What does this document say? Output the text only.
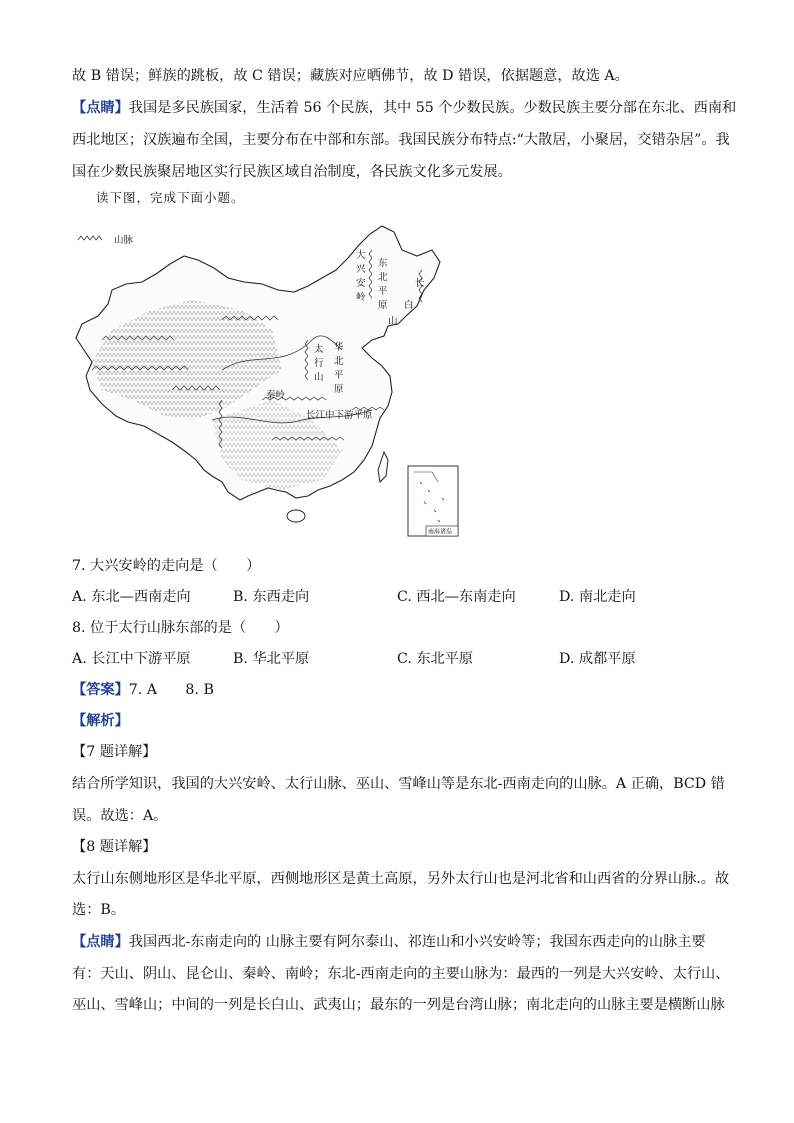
故 B 错误；鲜族的跳板，故 C 错误；藏族对应晒佛节，故 D 错误，依据题意，故选 A。
【点睛】我国是多民族国家，生活着 56 个民族，其中 55 个少数民族。少数民族主要分部在东北、西南和
西北地区；汉族遍布全国，主要分布在中部和东部。我国民族分布特点:“大散居，小聚居，交错杂居”。我
国在少数民族聚居地区实行民族区域自治制度，各民族文化多元发展。
读下图，完成下面小题。
山脉
南海诸岛
大
兴
安
岭
东
北
平
原
长
白
山
太
行
山
华
北
平
原
秦岭
长江中下游平原
7. 大兴安岭的走向是（　　）
A. 东北—西南走向	B. 东西走向	C. 西北—东南走向	D. 南北走向
8. 位于太行山脉东部的是（　　）
A. 长江中下游平原	B. 华北平原	C. 东北平原	D. 成都平原
【答案】7. A　　8. B
【解析】
【7 题详解】
结合所学知识，我国的大兴安岭、太行山脉、巫山、雪峰山等是东北-西南走向的山脉。A 正确，BCD 错
误。故选：A。
【8 题详解】
太行山东侧地形区是华北平原，西侧地形区是黄土高原，另外太行山也是河北省和山西省的分界山脉.。故
选：B。
【点睛】我国西北-东南走向的 山脉主要有阿尔泰山、祁连山和小兴安岭等；我国东西走向的山脉主要
有：天山、阴山、昆仑山、秦岭、南岭；东北-西南走向的主要山脉为：最西的一列是大兴安岭、太行山、
巫山、雪峰山；中间的一列是长白山、武夷山；最东的一列是台湾山脉；南北走向的山脉主要是横断山脉
